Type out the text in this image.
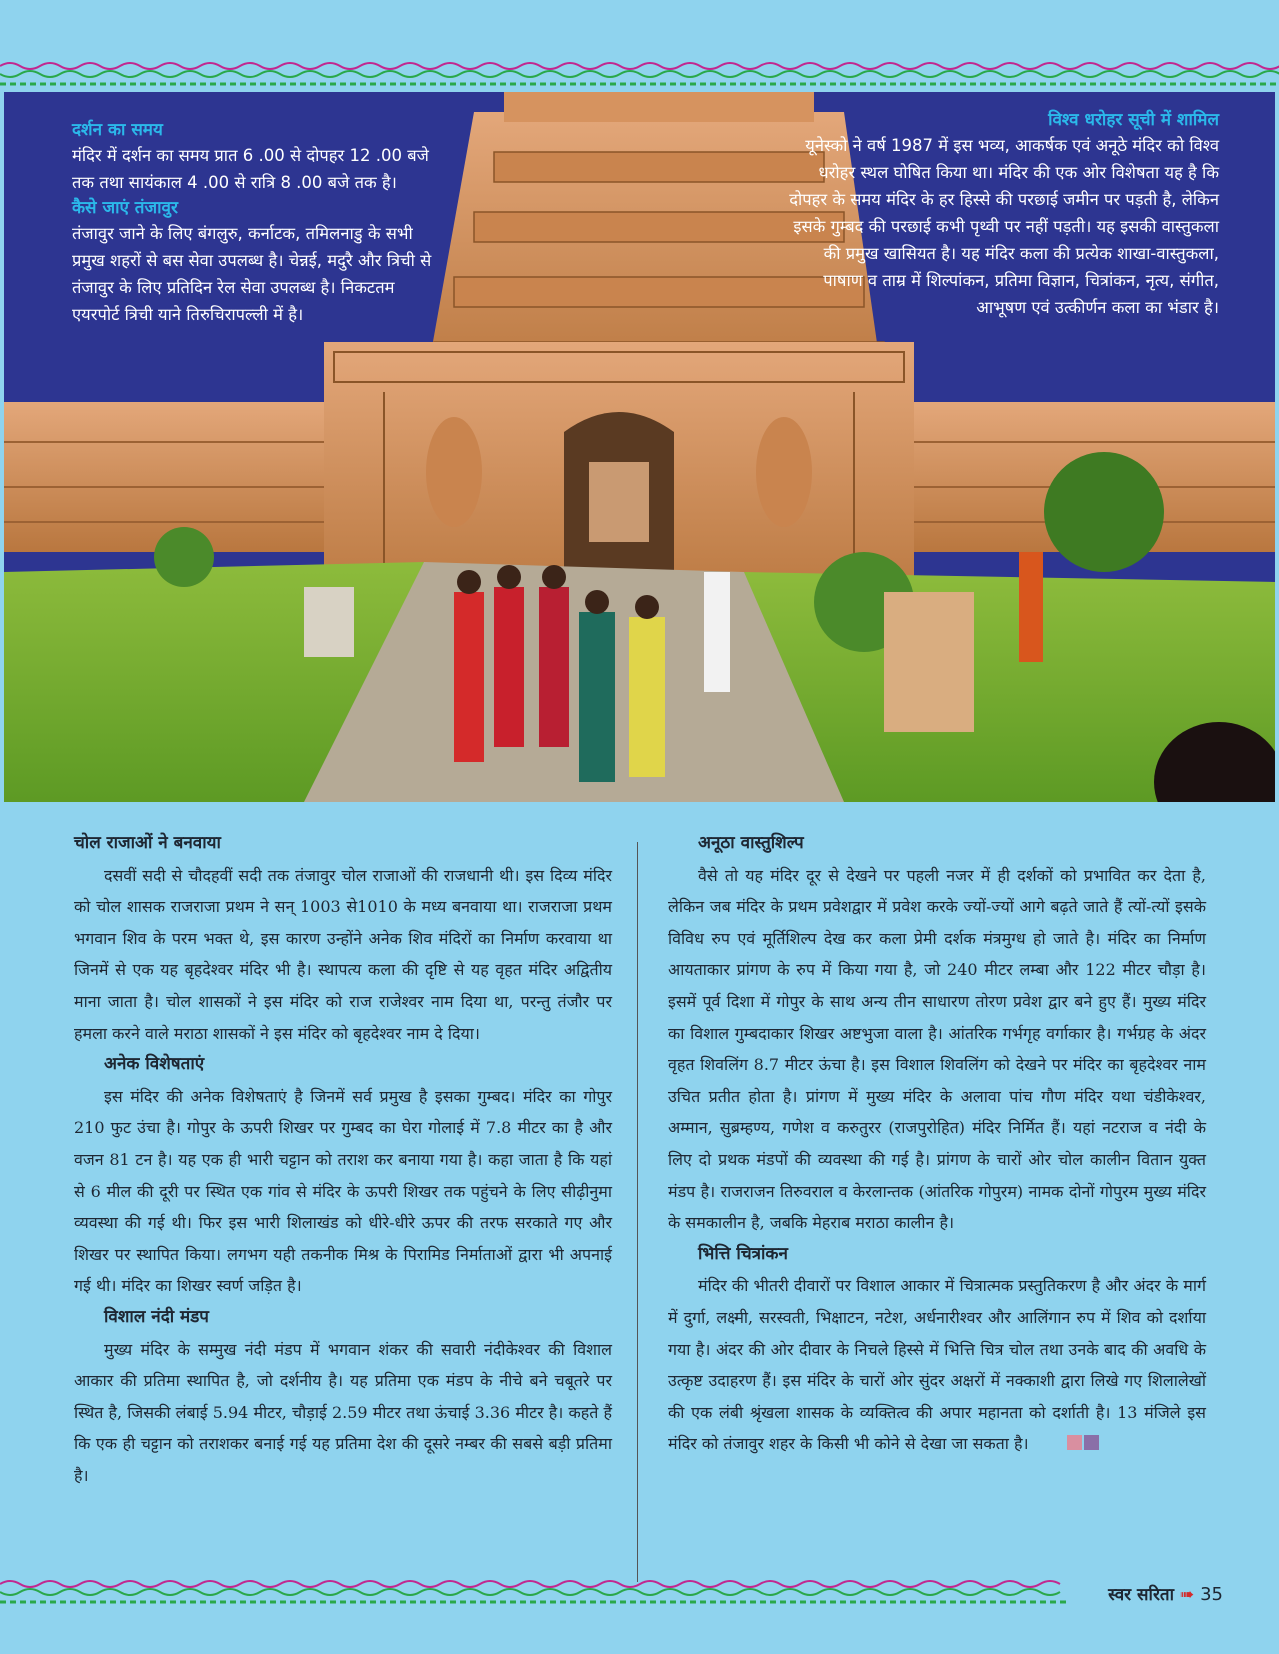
दर्शन का समय

मंदिर में दर्शन का समय प्रात 6 .00 से दोपहर 12 .00 बजे तक तथा सायंकाल 4 .00 से रात्रि 8 .00 बजे तक है।

कैसे जाएं तंजावुर

तंजावुर जाने के लिए बंगलुरु, कर्नाटक, तमिलनाडु के सभी प्रमुख शहरों से बस सेवा उपलब्ध है। चेन्नई, मदुरै और त्रिची से तंजावुर के लिए प्रतिदिन रेल सेवा उपलब्ध है। निकटतम एयरपोर्ट त्रिची याने तिरुचिरापल्ली में है।

विश्व धरोहर सूची में शामिल

यूनेस्को ने वर्ष 1987 में इस भव्य, आकर्षक एवं अनूठे मंदिर को विश्व धरोहर स्थल घोषित किया था। मंदिर की एक ओर विशेषता यह है कि दोपहर के समय मंदिर के हर हिस्से की परछाई जमीन पर पड़ती है, लेकिन इसके गुम्बद की परछाई कभी पृथ्वी पर नहीं पड़ती। यह इसकी वास्तुकला की प्रमुख खासियत है। यह मंदिर कला की प्रत्येक शाखा-वास्तुकला, पाषाण व ताम्र में शिल्पांकन, प्रतिमा विज्ञान, चित्रांकन, नृत्य, संगीत, आभूषण एवं उत्कीर्णन कला का भंडार है।

चोल राजाओं ने बनवाया

दसवीं सदी से चौदहवीं सदी तक तंजावुर चोल राजाओं की राजधानी थी। इस दिव्य मंदिर को चोल शासक राजराजा प्रथम ने सन् 1003 से1010 के मध्य बनवाया था। राजराजा प्रथम भगवान शिव के परम भक्त थे, इस कारण उन्होंने अनेक शिव मंदिरों का निर्माण करवाया था जिनमें से एक यह बृहदेश्वर मंदिर भी है। स्थापत्य कला की दृष्टि से यह वृहत मंदिर अद्वितीय माना जाता है। चोल शासकों ने इस मंदिर को राज राजेश्वर नाम दिया था, परन्तु तंजौर पर हमला करने वाले मराठा शासकों ने इस मंदिर को बृहदेश्वर नाम दे दिया।

अनेक विशेषताएं

इस मंदिर की अनेक विशेषताएं है जिनमें सर्व प्रमुख है इसका गुम्बद। मंदिर का गोपुर 210 फुट उंचा है। गोपुर के ऊपरी शिखर पर गुम्बद का घेरा गोलाई में 7.8 मीटर का है और वजन 81 टन है। यह एक ही भारी चट्टान को तराश कर बनाया गया है। कहा जाता है कि यहां से 6 मील की दूरी पर स्थित एक गांव से मंदिर के ऊपरी शिखर तक पहुंचने के लिए सीढ़ीनुमा व्यवस्था की गई थी। फिर इस भारी शिलाखंड को धीरे-धीरे ऊपर की तरफ सरकाते गए और शिखर पर स्थापित किया। लगभग यही तकनीक मिश्र के पिरामिड निर्माताओं द्वारा भी अपनाई गई थी। मंदिर का शिखर स्वर्ण जड़ित है।

विशाल नंदी मंडप

मुख्य मंदिर के सम्मुख नंदी मंडप में भगवान शंकर की सवारी नंदीकेश्वर की विशाल आकार की प्रतिमा स्थापित है, जो दर्शनीय है। यह प्रतिमा एक मंडप के नीचे बने चबूतरे पर स्थित है, जिसकी लंबाई 5.94 मीटर, चौड़ाई 2.59 मीटर तथा ऊंचाई 3.36 मीटर है। कहते हैं कि एक ही चट्टान को तराशकर बनाई गई यह प्रतिमा देश की दूसरे नम्बर की सबसे बड़ी प्रतिमा है।

अनूठा वास्तुशिल्प

वैसे तो यह मंदिर दूर से देखने पर पहली नजर में ही दर्शकों को प्रभावित कर देता है, लेकिन जब मंदिर के प्रथम प्रवेशद्वार में प्रवेश करके ज्यों-ज्यों आगे बढ़ते जाते हैं त्यों-त्यों इसके विविध रुप एवं मूर्तिशिल्प देख कर कला प्रेमी दर्शक मंत्रमुग्ध हो जाते है। मंदिर का निर्माण आयताकार प्रांगण के रुप में किया गया है, जो 240 मीटर लम्बा और 122 मीटर चौड़ा है। इसमें पूर्व दिशा में गोपुर के साथ अन्य तीन साधारण तोरण प्रवेश द्वार बने हुए हैं। मुख्य मंदिर का विशाल गुम्बदाकार शिखर अष्टभुजा वाला है। आंतरिक गर्भगृह वर्गाकार है। गर्भग्रह के अंदर वृहत शिवलिंग 8.7 मीटर ऊंचा है। इस विशाल शिवलिंग को देखने पर मंदिर का बृहदेश्वर नाम उचित प्रतीत होता है। प्रांगण में मुख्य मंदिर के अलावा पांच गौण मंदिर यथा चंडीकेश्वर, अम्मान, सुब्रम्हण्य, गणेश व करुतुरर (राजपुरोहित) मंदिर निर्मित हैं। यहां नटराज व नंदी के लिए दो प्रथक मंडपों की व्यवस्था की गई है। प्रांगण के चारों ओर चोल कालीन वितान युक्त मंडप है। राजराजन तिरुवराल व केरलान्तक (आंतरिक गोपुरम) नामक दोनों गोपुरम मुख्य मंदिर के समकालीन है, जबकि मेहराब मराठा कालीन है।

भित्ति चित्रांकन

मंदिर की भीतरी दीवारों पर विशाल आकार में चित्रात्मक प्रस्तुतिकरण है और अंदर के मार्ग में दुर्गा, लक्ष्मी, सरस्वती, भिक्षाटन, नटेश, अर्धनारीश्वर और आलिंगान रुप में शिव को दर्शाया गया है। अंदर की ओर दीवार के निचले हिस्से में भित्ति चित्र चोल तथा उनके बाद की अवधि के उत्कृष्ट उदाहरण हैं। इस मंदिर के चारों ओर सुंदर अक्षरों में नक्काशी द्वारा लिखे गए शिलालेखों की एक लंबी श्रृंखला शासक के व्यक्तित्व की अपार महानता को दर्शाती है। 13 मंजिले इस मंदिर को तंजावुर शहर के किसी भी कोने से देखा जा सकता है।

स्वर सरिता ➠ 35
